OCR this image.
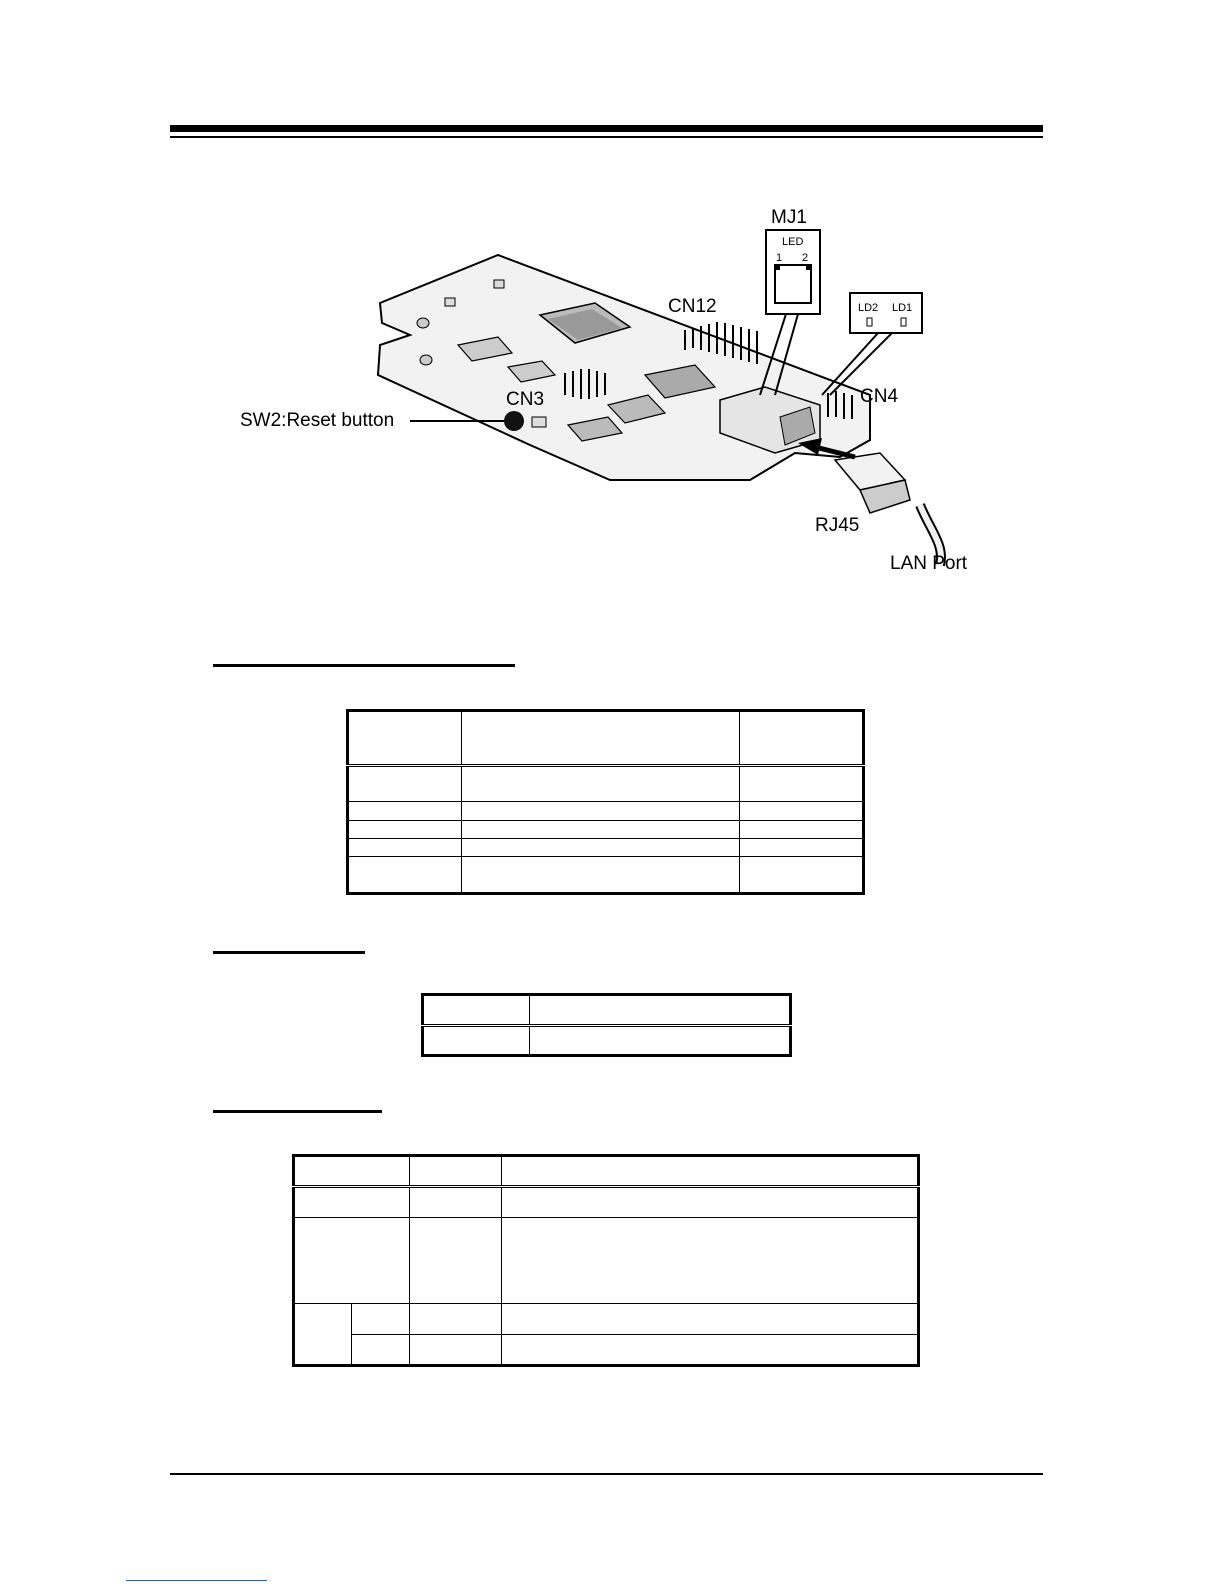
MJ1
LED
1 2
CN12	LD2 LD1
CN4
CN3
SW2:Reset button
RJ45
LAN Port
